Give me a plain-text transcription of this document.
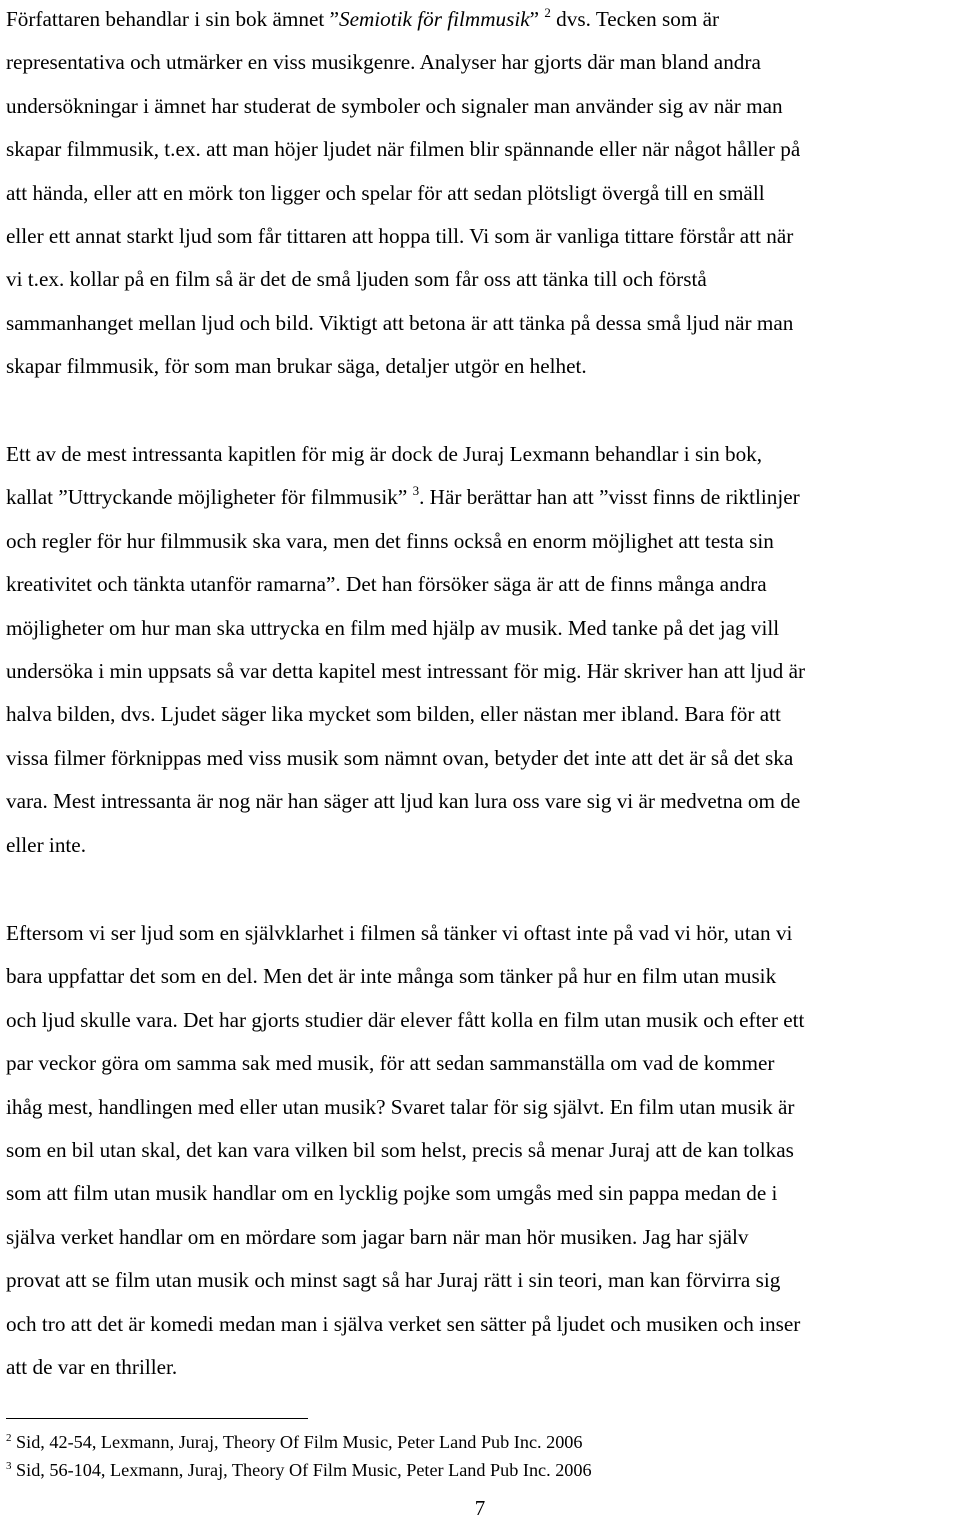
Författaren behandlar i sin bok ämnet ”Semiotik för filmmusik” $^2$ dvs. Tecken som är
representativa och utmärker en viss musikgenre. Analyser har gjorts där man bland andra
undersökningar i ämnet har studerat de symboler och signaler man använder sig av när man
skapar filmmusik, t.ex. att man höjer ljudet när filmen blir spännande eller när något håller på
att hända, eller att en mörk ton ligger och spelar för att sedan plötsligt övergå till en smäll
eller ett annat starkt ljud som får tittaren att hoppa till. Vi som är vanliga tittare förstår att när
vi t.ex. kollar på en film så är det de små ljuden som får oss att tänka till och förstå
sammanhanget mellan ljud och bild. Viktigt att betona är att tänka på dessa små ljud när man
skapar filmmusik, för som man brukar säga, detaljer utgör en helhet.

Ett av de mest intressanta kapitlen för mig är dock de Juraj Lexmann behandlar i sin bok,
kallat ”Uttryckande möjligheter för filmmusik” $^3$. Här berättar han att ”visst finns de riktlinjer
och regler för hur filmmusik ska vara, men det finns också en enorm möjlighet att testa sin
kreativitet och tänkta utanför ramarna”. Det han försöker säga är att de finns många andra
möjligheter om hur man ska uttrycka en film med hjälp av musik. Med tanke på det jag vill
undersöka i min uppsats så var detta kapitel mest intressant för mig. Här skriver han att ljud är
halva bilden, dvs. Ljudet säger lika mycket som bilden, eller nästan mer ibland. Bara för att
vissa filmer förknippas med viss musik som nämnt ovan, betyder det inte att det är så det ska
vara. Mest intressanta är nog när han säger att ljud kan lura oss vare sig vi är medvetna om de
eller inte.

Eftersom vi ser ljud som en självklarhet i filmen så tänker vi oftast inte på vad vi hör, utan vi
bara uppfattar det som en del. Men det är inte många som tänker på hur en film utan musik
och ljud skulle vara. Det har gjorts studier där elever fått kolla en film utan musik och efter ett
par veckor göra om samma sak med musik, för att sedan sammanställa om vad de kommer
ihåg mest, handlingen med eller utan musik? Svaret talar för sig självt. En film utan musik är
som en bil utan skal, det kan vara vilken bil som helst, precis så menar Juraj att de kan tolkas
som att film utan musik handlar om en lycklig pojke som umgås med sin pappa medan de i
själva verket handlar om en mördare som jagar barn när man hör musiken. Jag har själv
provat att se film utan musik och minst sagt så har Juraj rätt i sin teori, man kan förvirra sig
och tro att det är komedi medan man i själva verket sen sätter på ljudet och musiken och inser
att de var en thriller.

$^2$ Sid, 42-54, Lexmann, Juraj, Theory Of Film Music, Peter Land Pub Inc. 2006
$^3$ Sid, 56-104, Lexmann, Juraj, Theory Of Film Music, Peter Land Pub Inc. 2006
7
